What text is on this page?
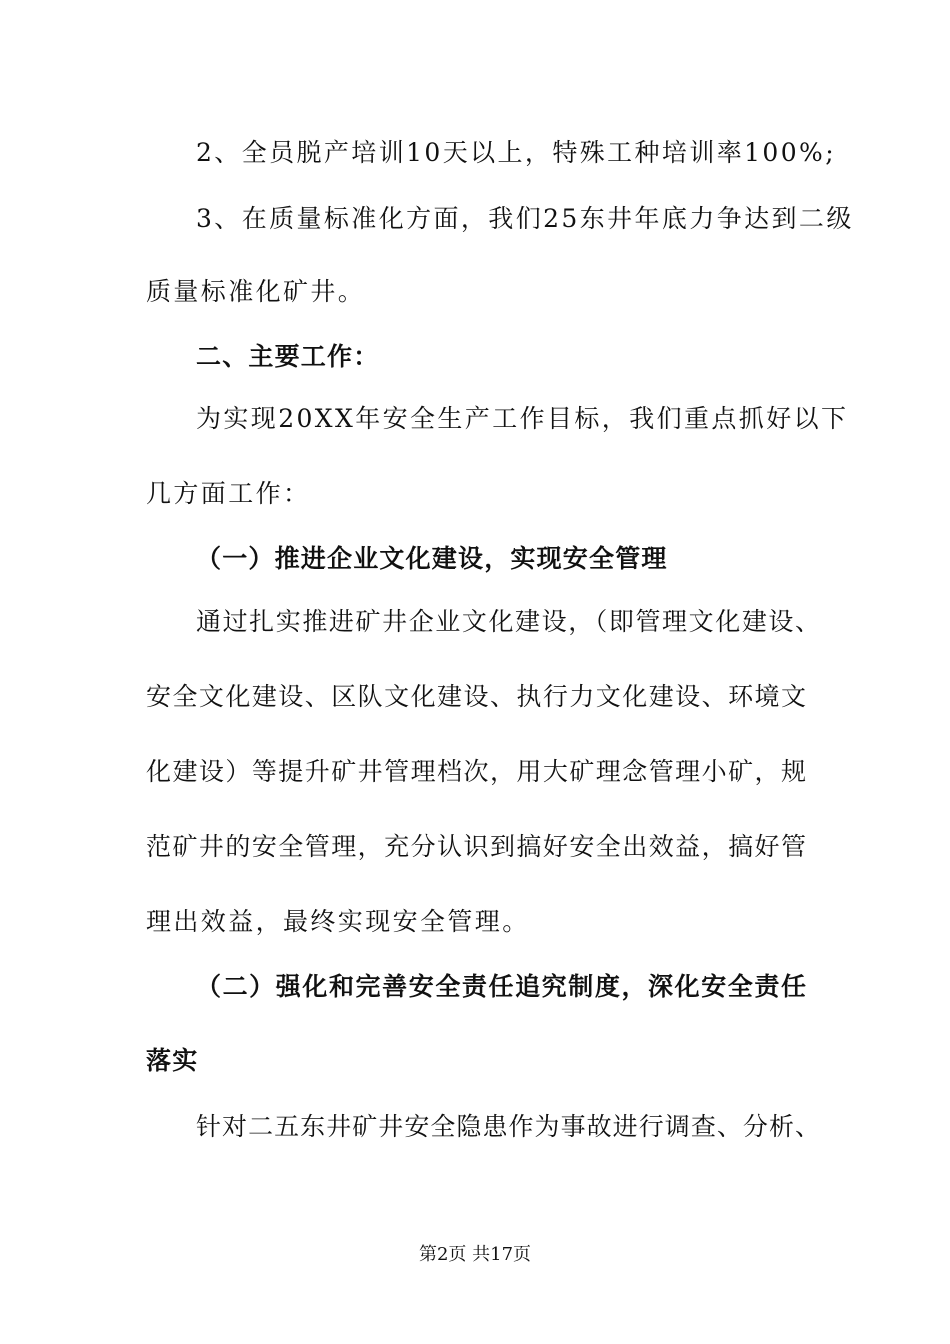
2、全员脱产培训10天以上，特殊工种培训率100%;
3、在质量标准化方面，我们25东井年底力争达到二级
质量标准化矿井。
二、主要工作：
为实现20XX年安全生产工作目标，我们重点抓好以下
几方面工作：
（一）推进企业文化建设，实现安全管理
通过扎实推进矿井企业文化建设，（即管理文化建设、
安全文化建设、区队文化建设、执行力文化建设、环境文
化建设）等提升矿井管理档次，用大矿理念管理小矿，规
范矿井的安全管理，充分认识到搞好安全出效益，搞好管
理出效益，最终实现安全管理。
（二）强化和完善安全责任追究制度，深化安全责任
落实
针对二五东井矿井安全隐患作为事故进行调查、分析、
第2页 共17页
